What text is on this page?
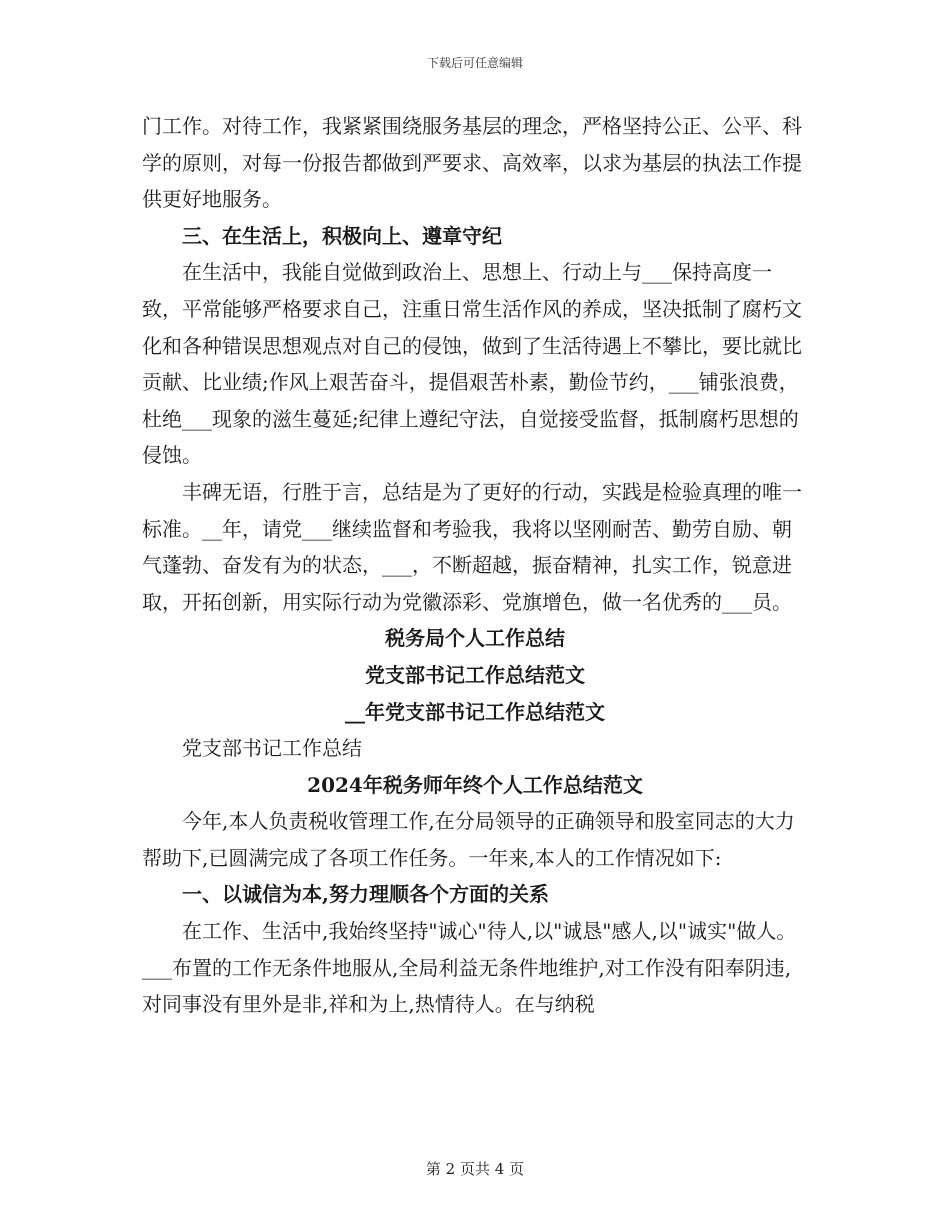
下载后可任意编辑

门工作。对待工作，我紧紧围绕服务基层的理念，严格坚持公正、公平、科学的原则，对每一份报告都做到严要求、高效率，以求为基层的执法工作提供更好地服务。

三、在生活上，积极向上、遵章守纪

在生活中，我能自觉做到政治上、思想上、行动上与___保持高度一致，平常能够严格要求自己，注重日常生活作风的养成，坚决抵制了腐朽文化和各种错误思想观点对自己的侵蚀，做到了生活待遇上不攀比，要比就比贡献、比业绩;作风上艰苦奋斗，提倡艰苦朴素，勤俭节约，___铺张浪费，杜绝___现象的滋生蔓延;纪律上遵纪守法，自觉接受监督，抵制腐朽思想的侵蚀。

丰碑无语，行胜于言，总结是为了更好的行动，实践是检验真理的唯一标准。__年，请党___继续监督和考验我，我将以坚刚耐苦、勤劳自励、朝气蓬勃、奋发有为的状态，___，不断超越，振奋精神，扎实工作，锐意进取，开拓创新，用实际行动为党徽添彩、党旗增色，做一名优秀的___员。

税务局个人工作总结

党支部书记工作总结范文

__年党支部书记工作总结范文

党支部书记工作总结

2024年税务师年终个人工作总结范文

今年,本人负责税收管理工作,在分局领导的正确领导和股室同志的大力帮助下,已圆满完成了各项工作任务。一年来,本人的工作情况如下:

一、以诚信为本,努力理顺各个方面的关系

在工作、生活中,我始终坚持"诚心"待人,以"诚恳"感人,以"诚实"做人。___布置的工作无条件地服从,全局利益无条件地维护,对工作没有阳奉阴违,对同事没有里外是非,祥和为上,热情待人。在与纳税

第 2 页共 4 页
